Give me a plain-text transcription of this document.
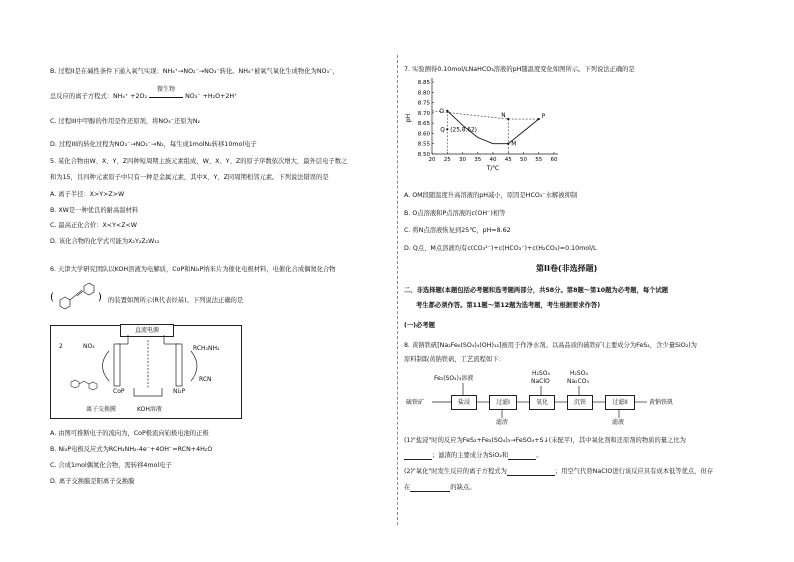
B. 过程II是在碱性条件下通入氧气实现：NH₄⁺→NO₂⁻→NO₃⁻转化。NH₄⁺被氧气氧化生成物化为NO₃⁻，
总反应的离子方程式：NH₄⁺ +2O₂
微生物
NO₃⁻ +H₂O+2H⁺
C. 过程III中甲醇的作用是作还原剂，将NO₃⁻还原为N₂
D. 过程III的转化过程为NO₃⁻→NO₂⁻→N₂，每生成1molN₂转移10mol电子
5. 某化合物由W、X、Y、Z四种短周期主族元素组成，W、X、Y、Z的原子序数依次增大，最外层电子数之
和为15，且四种元素原子中只有一种是金属元素，其中X、Y、Z同周期相邻元素。下列说法错误的是
A. 离子半径：X>Y>Z>W
B. XW是一种优良的耐高温材料
C. 最高正化合价：X<Y<Z<W
D. 该化合物的化学式可能为X₂Y₂Z₂W₁₂
6. 天津大学研究团队以KOH溶液为电解质，CoP和Ni₂P纳米片为催化电极材料，电催化合成偶氮化合物
(	) 的装置如图所示(R代表烃基)。下列说法正确的是
直流电源
2	NO₂	RCH₂NH₂
RCN
CoP	Ni₂P
离子交换膜	KOH溶液
A. 由图可推断电子的流向为，CoP极流向铂极电池的正极
B. Ni₂P电极反应式为RCH₂NH₂-4e⁻+4OH⁻=RCN+4H₂O
C. 合成1mol偶氮化合物，需转移4mol电子
D. 离子交换膜是阳离子交换膜
7. 实验测得0.10mol/LNaHCO₃溶液的pH随温度变化如图所示。下列说法正确的是
20 25 30 35 40 45 50 55 60
8.50
8.55
8.60
8.65
8.70
8.75
8.80
8.85
T/℃
pH
O
Q (25,8.62)
N	P
M
A. OM段随温度升高溶液的pH减小，原因是HCO₃⁻水解被抑制
B. O点溶液和P点溶液的c(OH⁻)相等
C. 将N点溶液恢复到25℃，pH=8.62
D. Q点、M点溶液均有c(CO₃²⁻)+c(HCO₃⁻)+c(H₂CO₃)=0.10mol/L
第II卷(非选择题)
二、非选择题(本题包括必考题和选考题两部分，共58分。第8题～第10题为必考题，每个试题
考生都必须作答。第11题～第12题为选考题，考生根据要求作答)
(一)必考题
8. 黄钠铁矾[Na₂Fe₆(SO₄)₄(OH)₁₂]被用于作净水剂。以高品质的硫铁矿(主要成分为FeS₂，含少量SiO₂)为
原料制取黄钠铁矾，工艺流程如下：
Fe₂(SO₄)₃溶液
H₂SO₄
NaClO
H₂SO₄
Na₂CO₃
硫铁矿	盐浸	过滤I	氧化	沉铁	过滤II	黄钠铁矾
滤渣	滤液
(1)"盐浸"时的反应为FeS₂+Fe₂(SO₄)₃→FeSO₄+S↓(未配平)，其中氧化剂和还原剂的物质的量之比为
；滤渣的主要成分为SiO₂和	。
(2)"氧化"时发生反应的离子方程式为	；用空气代替NaClO进行该反应具有成本低等优点，但存
在	的缺点。
